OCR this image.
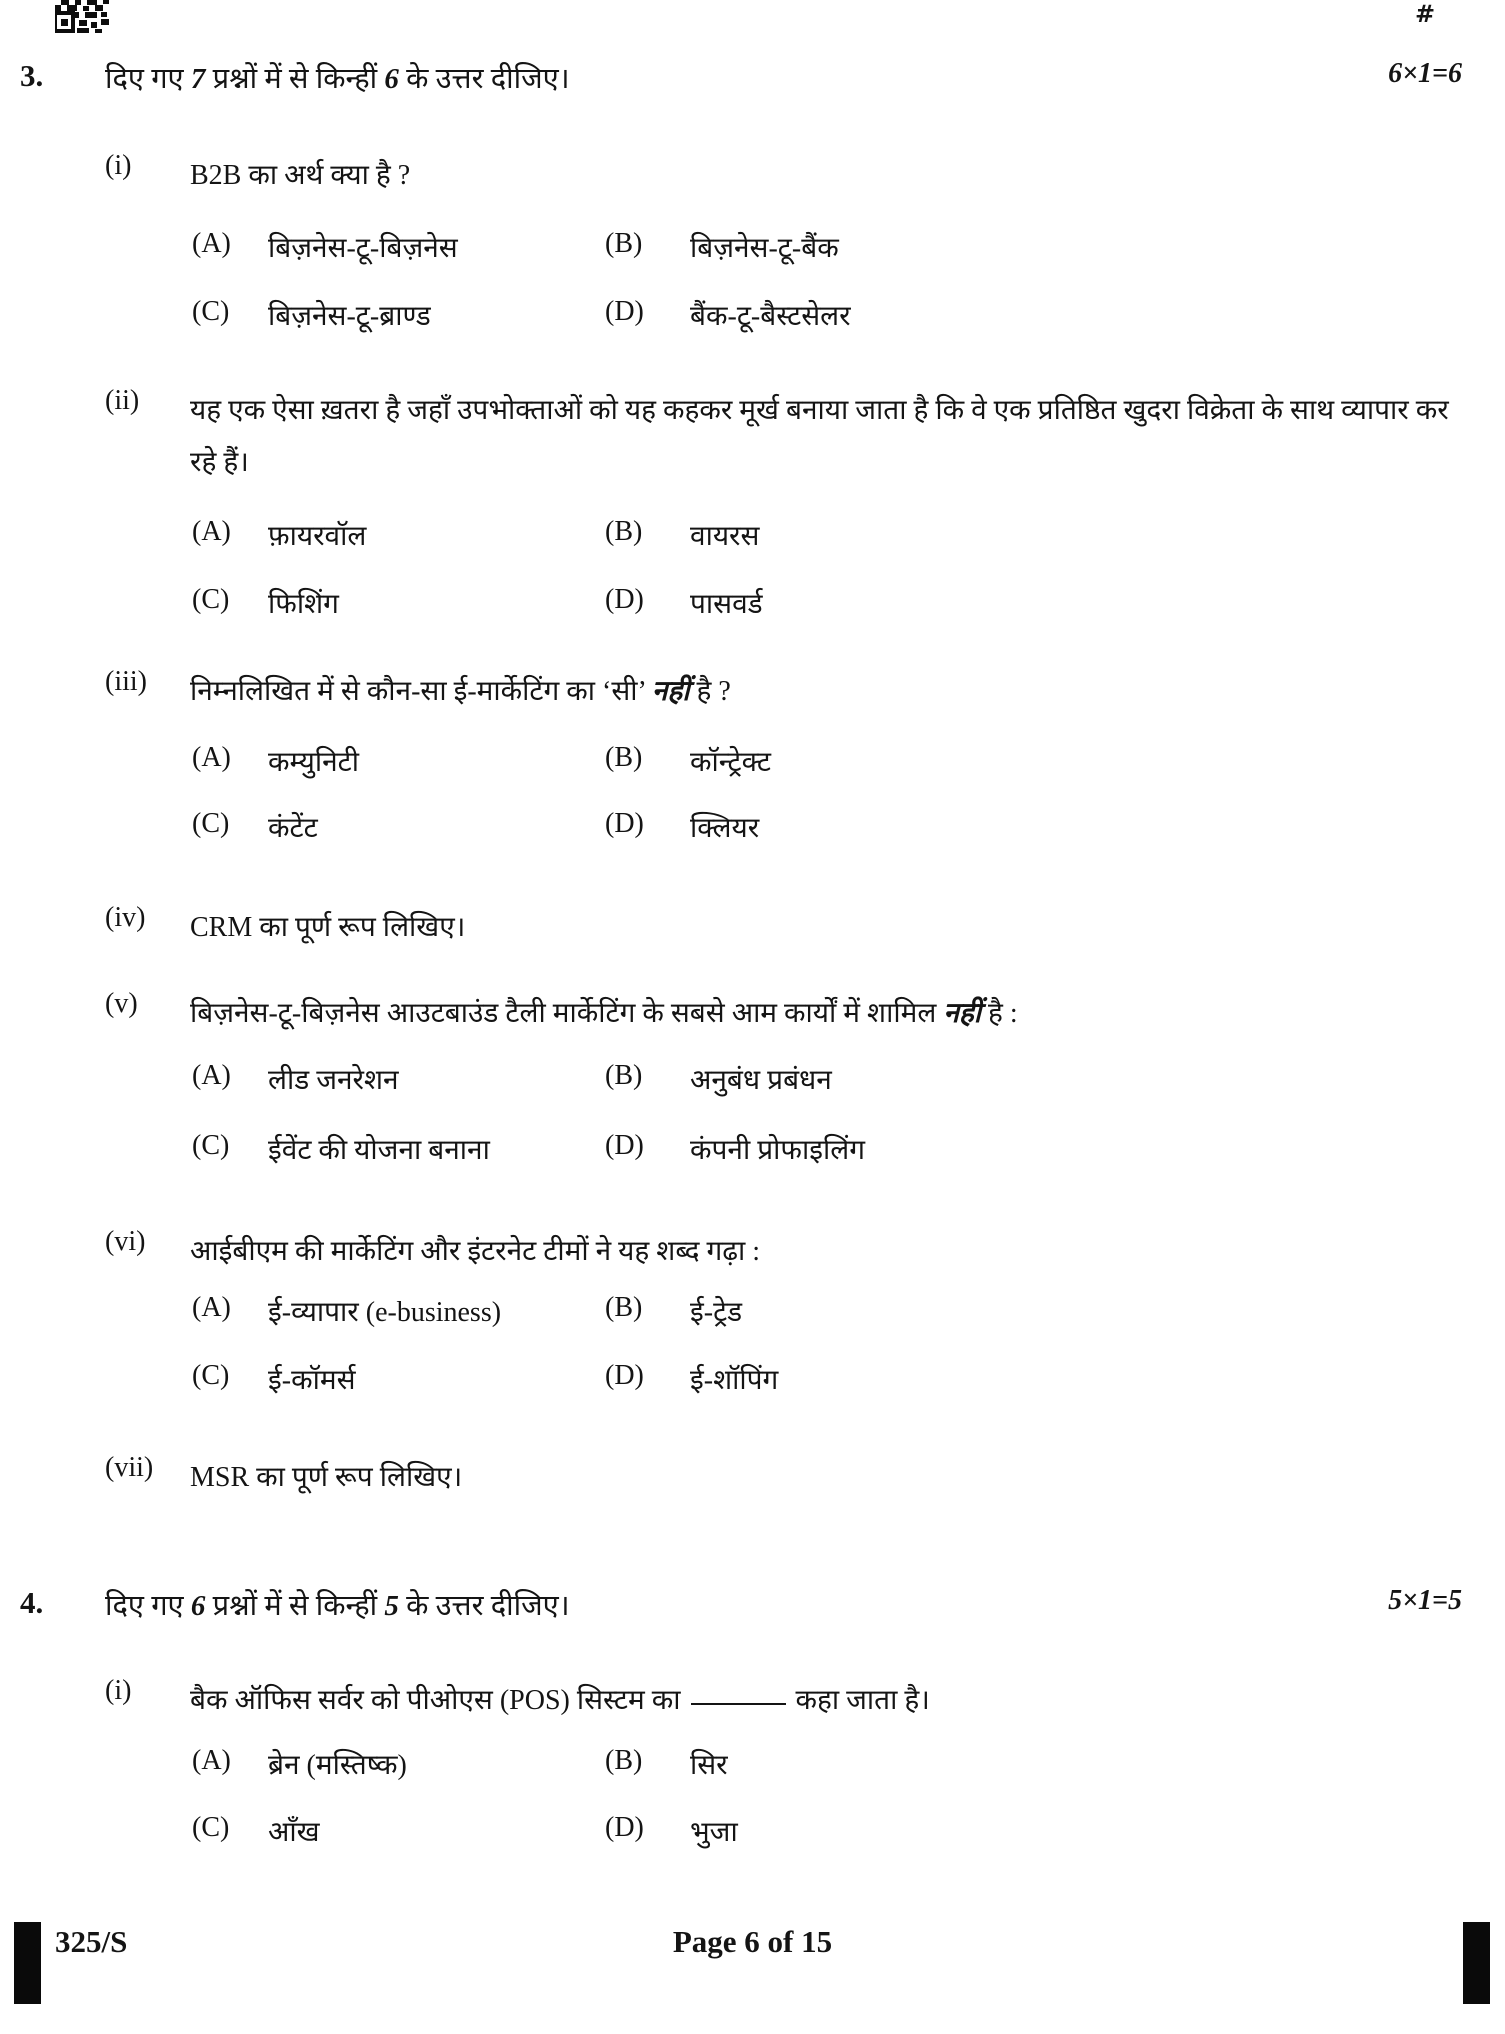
#
3.	दिए गए 7 प्रश्नों में से किन्हीं 6 के उत्तर दीजिए।	6×1=6
(i)	B2B का अर्थ क्या है ?
(A)	बिज़नेस-टू-बिज़नेस	(B)	बिज़नेस-टू-बैंक
(C)	बिज़नेस-टू-ब्राण्ड	(D)	बैंक-टू-बैस्टसेलर
(ii)	यह एक ऐसा ख़तरा है जहाँ उपभोक्ताओं को यह कहकर मूर्ख बनाया जाता है कि वे एक प्रतिष्ठित खुदरा विक्रेता के साथ व्यापार कर रहे हैं।
(A)	फ़ायरवॉल	(B)	वायरस
(C)	फिशिंग	(D)	पासवर्ड
(iii)	निम्नलिखित में से कौन-सा ई-मार्केटिंग का ‘सी’ नहीं है ?
(A)	कम्युनिटी	(B)	कॉन्ट्रेक्ट
(C)	कंटेंट	(D)	क्लियर
(iv)	CRM का पूर्ण रूप लिखिए।
(v)	बिज़नेस-टू-बिज़नेस आउटबाउंड टैली मार्केटिंग के सबसे आम कार्यों में शामिल नहीं है :
(A)	लीड जनरेशन	(B)	अनुबंध प्रबंधन
(C)	ईवेंट की योजना बनाना	(D)	कंपनी प्रोफाइलिंग
(vi)	आईबीएम की मार्केटिंग और इंटरनेट टीमों ने यह शब्द गढ़ा :
(A)	ई-व्यापार (e-business)	(B)	ई-ट्रेड
(C)	ई-कॉमर्स	(D)	ई-शॉपिंग
(vii)	MSR का पूर्ण रूप लिखिए।
4.	दिए गए 6 प्रश्नों में से किन्हीं 5 के उत्तर दीजिए।	5×1=5
(i)	बैक ऑफिस सर्वर को पीओएस (POS) सिस्टम का	कहा जाता है।
(A)	ब्रेन (मस्तिष्क)	(B)	सिर
(C)	आँख	(D)	भुजा
325/S	Page 6 of 15
